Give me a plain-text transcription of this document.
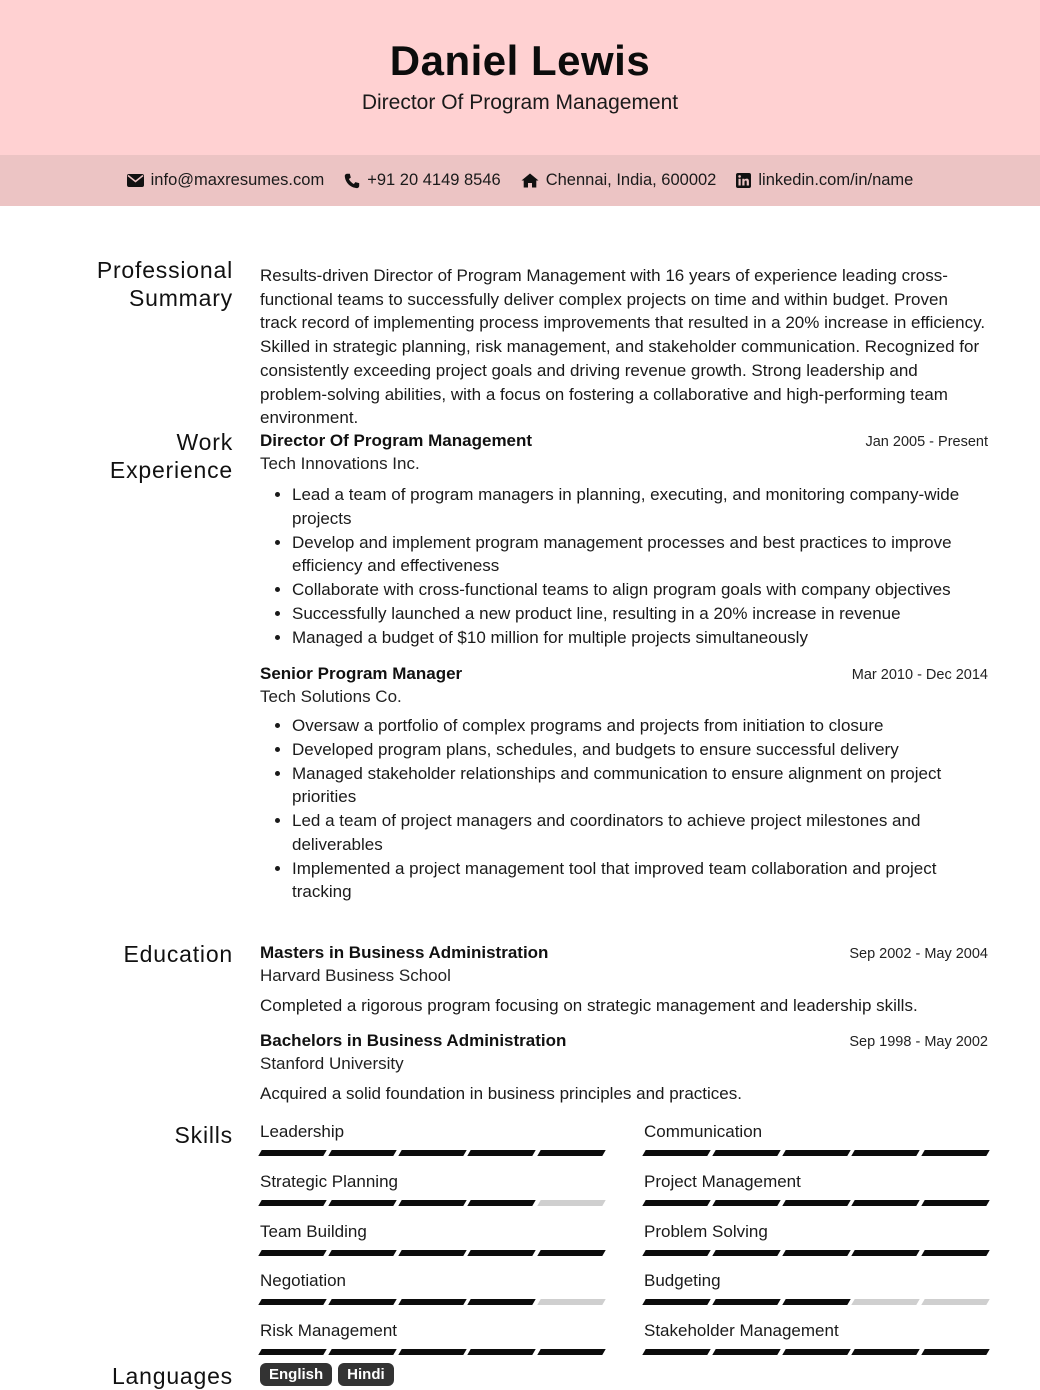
Daniel Lewis
Director Of Program Management
info@maxresumes.com	+91 20 4149 8546	Chennai, India, 600002	linkedin.com/in/name
Professional
Summary
Results-driven Director of Program Management with 16 years of experience leading cross-functional teams to successfully deliver complex projects on time and within budget. Proven track record of implementing process improvements that resulted in a 20% increase in efficiency. Skilled in strategic planning, risk management, and stakeholder communication. Recognized for consistently exceeding project goals and driving revenue growth. Strong leadership and problem-solving abilities, with a focus on fostering a collaborative and high-performing team environment.
Work
Experience
Director Of Program Management	Jan 2005 - Present
Tech Innovations Inc.
• Lead a team of program managers in planning, executing, and monitoring company-wide projects
• Develop and implement program management processes and best practices to improve efficiency and effectiveness
• Collaborate with cross-functional teams to align program goals with company objectives
• Successfully launched a new product line, resulting in a 20% increase in revenue
• Managed a budget of $10 million for multiple projects simultaneously
Senior Program Manager	Mar 2010 - Dec 2014
Tech Solutions Co.
• Oversaw a portfolio of complex programs and projects from initiation to closure
• Developed program plans, schedules, and budgets to ensure successful delivery
• Managed stakeholder relationships and communication to ensure alignment on project priorities
• Led a team of project managers and coordinators to achieve project milestones and deliverables
• Implemented a project management tool that improved team collaboration and project tracking
Education Masters in Business Administration	Sep 2002 - May 2004
Harvard Business School
Completed a rigorous program focusing on strategic management and leadership skills.
Bachelors in Business Administration	Sep 1998 - May 2002
Stanford University
Acquired a solid foundation in business principles and practices.
Skills Leadership	Communication
Strategic Planning	Project Management
Team Building	Problem Solving
Negotiation	Budgeting
Risk Management	Stakeholder Management
Languages	English	Hindi
